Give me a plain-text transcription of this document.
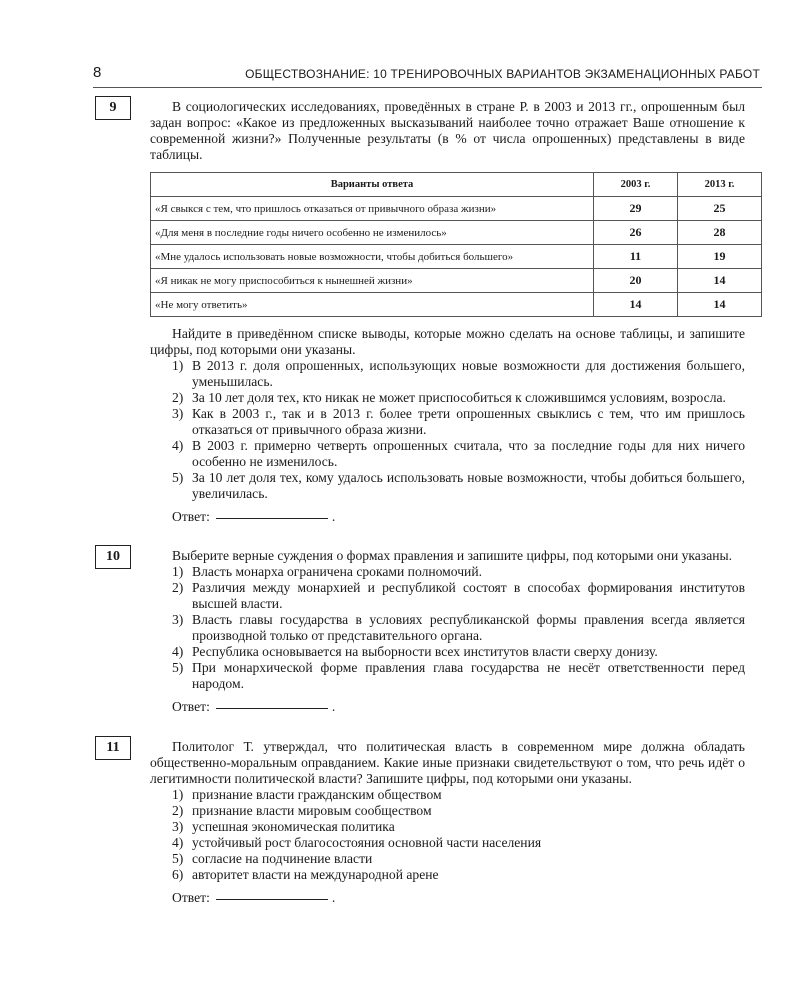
8	ОБЩЕСТВОЗНАНИЕ: 10 ТРЕНИРОВОЧНЫХ ВАРИАНТОВ ЭКЗАМЕНАЦИОННЫХ РАБОТ
9	В социологических исследованиях, проведённых в стране Р. в 2003 и 2013 гг., опрошенным был задан вопрос: «Какое из предложенных высказываний наиболее точно отражает Ваше отношение к современной жизни?» Полученные результаты (в % от числа опрошенных) представлены в виде таблицы.

Варианты ответа	2003 г.	2013 г.
«Я свыкся с тем, что пришлось отказаться от привычного образа жизни»	29	25
«Для меня в последние годы ничего особенно не изменилось»	26	28
«Мне удалось использовать новые возможности, чтобы добиться большего»	11	19
«Я никак не могу приспособиться к нынешней жизни»	20	14
«Не могу ответить»	14	14

Найдите в приведённом списке выводы, которые можно сделать на основе таблицы, и запишите цифры, под которыми они указаны.

1) В 2013 г. доля опрошенных, использующих новые возможности для достижения большего, уменьшилась.
2) За 10 лет доля тех, кто никак не может приспособиться к сложившимся условиям, возросла.
3) Как в 2003 г., так и в 2013 г. более трети опрошенных свыклись с тем, что им пришлось отказаться от привычного образа жизни.
4) В 2003 г. примерно четверть опрошенных считала, что за последние годы для них ничего особенно не изменилось.
5) За 10 лет доля тех, кому удалось использовать новые возможности, чтобы добиться большего, увеличилась.
Ответ:	.
10	Выберите верные суждения о формах правления и запишите цифры, под которыми они указаны.

1) Власть монарха ограничена сроками полномочий.
2) Различия между монархией и республикой состоят в способах формирования институтов высшей власти.
3) Власть главы государства в условиях республиканской формы правления всегда является производной только от представительного органа.
4) Республика основывается на выборности всех институтов власти сверху донизу.
5) При монархической форме правления глава государства не несёт ответственности перед народом.
Ответ:	.
11	Политолог Т. утверждал, что политическая власть в современном мире должна обладать общественно-моральным оправданием. Какие иные признаки свидетельствуют о том, что речь идёт о легитимности политической власти? Запишите цифры, под которыми они указаны.

1) признание власти гражданским обществом
2) признание власти мировым сообществом
3) успешная экономическая политика
4) устойчивый рост благосостояния основной части населения
5) согласие на подчинение власти
6) авторитет власти на международной арене
Ответ:	.
